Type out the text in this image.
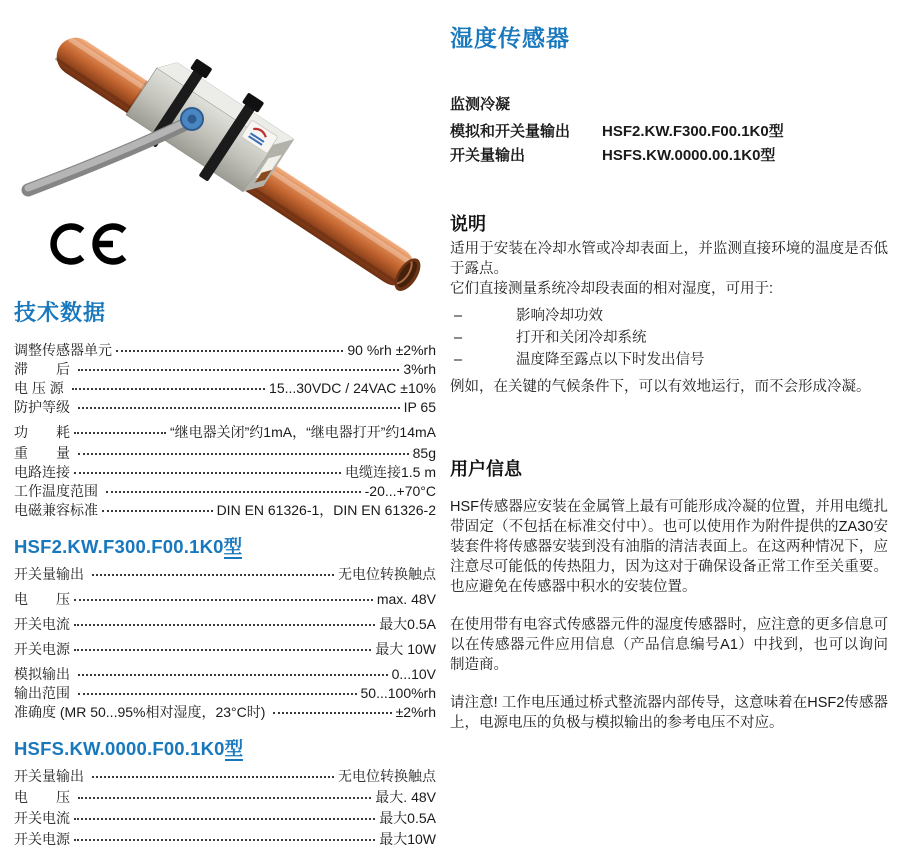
技术数据
调整传感器单元	90 %rh ±2%rh
滞　　后	3%rh
电 压 源	15...30VDC / 24VAC ±10%
防护等级	IP 65
功　　耗	“继电器关闭”约1mA，“继电器打开”约14mA
重　　量	85g
电路连接	电缆连接1.5 m
工作温度范围	-20...+70°C
电磁兼容标准	DIN EN 61326-1，DIN EN 61326-2
HSF2.KW.F300.F00.1K0型
开关量输出	无电位转换触点
电　　压	max. 48V
开关电流	最大0.5A
开关电源	最大 10W
模拟输出	0...10V
输出范围	50...100%rh
准确度 (MR 50...95%相对湿度，23°C时)	±2%rh
HSFS.KW.0000.F00.1K0型
开关量输出	无电位转换触点
电　　压	最大. 48V
开关电流	最大0.5A
开关电源	最大10W
湿度传感器
监测冷凝
模拟和开关量输出	HSF2.KW.F300.F00.1K0型
开关量输出	HSFS.KW.0000.00.1K0型
说明

适用于安装在冷却水管或冷却表面上，并监测直接环境的温度是否低于露点。

它们直接测量系统冷却段表面的相对湿度，可用于:

–	影响冷却功效
–	打开和关闭冷却系统
–	温度降至露点以下时发出信号

例如，在关键的气候条件下，可以有效地运行，而不会形成冷凝。

用户信息

HSF传感器应安装在金属管上最有可能形成冷凝的位置，并用电缆扎带固定（不包括在标准交付中）。也可以使用作为附件提供的ZA30安装套件将传感器安装到没有油脂的清洁表面上。在这两种情况下，应注意尽可能低的传热阻力，因为这对于确保设备正常工作至关重要。也应避免在传感器中积水的安装位置。

在使用带有电容式传感器元件的湿度传感器时，应注意的更多信息可以在传感器元件应用信息（产品信息编号A1）中找到，也可以询问制造商。

请注意! 工作电压通过桥式整流器内部传导，这意味着在HSF2传感器上，电源电压的负极与模拟输出的参考电压不对应。
